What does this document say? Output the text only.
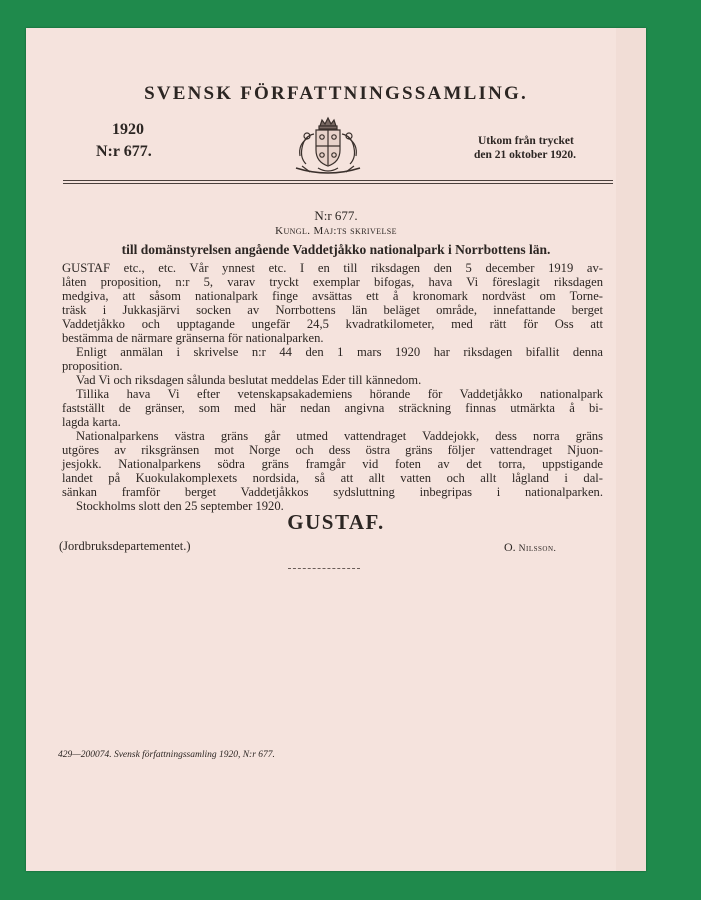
SVENSK FÖRFATTNINGSSAMLING.
1920
N:r 677.
Utkom från trycket
den 21 oktober 1920.
N:r 677.
Kungl. Maj:ts skrivelse
till domänstyrelsen angående Vaddetjåkko nationalpark i Norrbottens län.
GUSTAF etc., etc. Vår ynnest etc. I en till riksdagen den 5 december 1919 av-
låten proposition, n:r 5, varav tryckt exemplar bifogas, hava Vi föreslagit riksdagen
medgiva, att såsom nationalpark finge avsättas ett å kronomark nordväst om Torne-
träsk i Jukkasjärvi socken av Norrbottens län beläget område, innefattande berget
Vaddetjåkko och upptagande ungefär 24,5 kvadratkilometer, med rätt för Oss att
bestämma de närmare gränserna för nationalparken.
Enligt anmälan i skrivelse n:r 44 den 1 mars 1920 har riksdagen bifallit denna
proposition.
Vad Vi och riksdagen sålunda beslutat meddelas Eder till kännedom.
Tillika hava Vi efter vetenskapsakademiens hörande för Vaddetjåkko nationalpark
fastställt de gränser, som med här nedan angivna sträckning finnas utmärkta å bi-
lagda karta.
Nationalparkens västra gräns går utmed vattendraget Vaddejokk, dess norra gräns
utgöres av riksgränsen mot Norge och dess östra gräns följer vattendraget Njuon-
jesjokk. Nationalparkens södra gräns framgår vid foten av det torra, uppstigande
landet på Kuokulakomplexets nordsida, så att allt vatten och allt lågland i dal-
sänkan framför berget Vaddetjåkkos sydsluttning inbegripas i nationalparken.
Stockholms slott den 25 september 1920.
GUSTAF.
(Jordbruksdepartementet.)	O. Nilsson.
429—200074. Svensk författningssamling 1920, N:r 677.
